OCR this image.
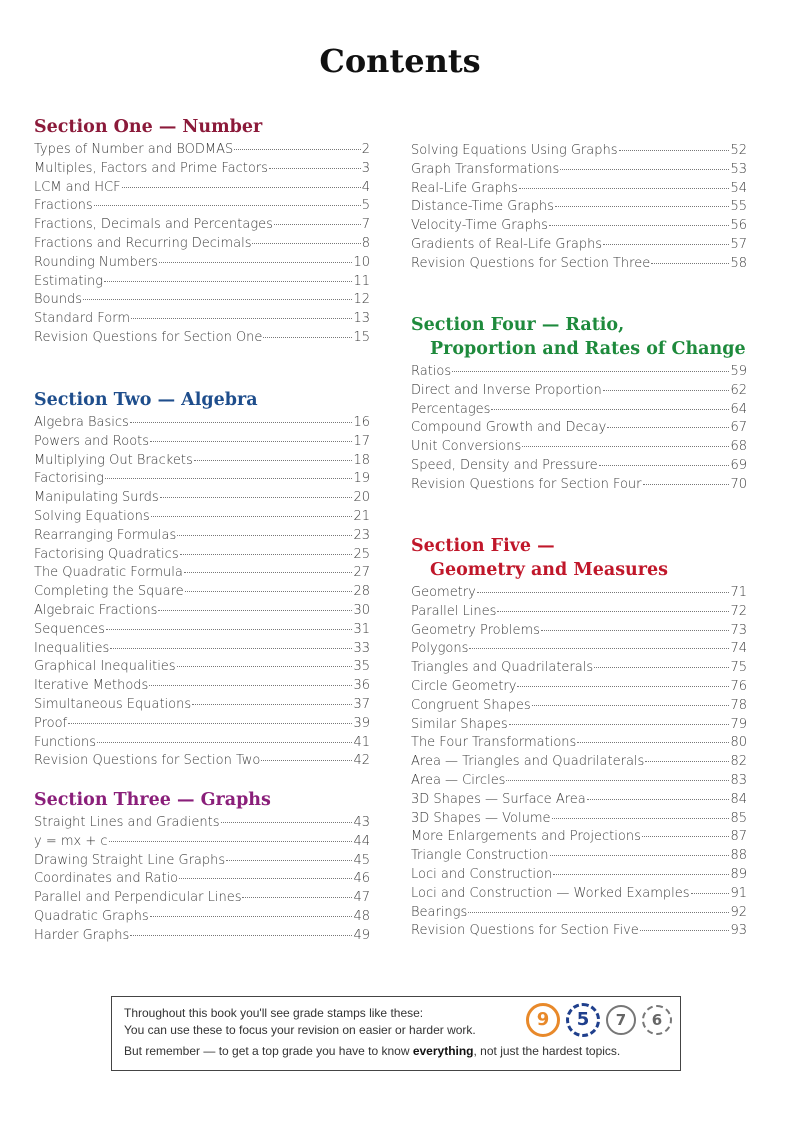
Contents
Section One — Number
Types of Number and BODMAS	2
Multiples, Factors and Prime Factors	3
LCM and HCF	4
Fractions	5
Fractions, Decimals and Percentages	7
Fractions and Recurring Decimals	8
Rounding Numbers	10
Estimating	11
Bounds	12
Standard Form	13
Revision Questions for Section One	15
Section Two — Algebra
Algebra Basics	16
Powers and Roots	17
Multiplying Out Brackets	18
Factorising	19
Manipulating Surds	20
Solving Equations	21
Rearranging Formulas	23
Factorising Quadratics	25
The Quadratic Formula	27
Completing the Square	28
Algebraic Fractions	30
Sequences	31
Inequalities	33
Graphical Inequalities	35
Iterative Methods	36
Simultaneous Equations	37
Proof	39
Functions	41
Revision Questions for Section Two	42
Section Three — Graphs
Straight Lines and Gradients	43
y = mx + c	44
Drawing Straight Line Graphs	45
Coordinates and Ratio	46
Parallel and Perpendicular Lines	47
Quadratic Graphs	48
Harder Graphs	49
Solving Equations Using Graphs	52
Graph Transformations	53
Real-Life Graphs	54
Distance-Time Graphs	55
Velocity-Time Graphs	56
Gradients of Real-Life Graphs	57
Revision Questions for Section Three	58
Section Four — Ratio,
Proportion and Rates of Change
Ratios	59
Direct and Inverse Proportion	62
Percentages	64
Compound Growth and Decay	67
Unit Conversions	68
Speed, Density and Pressure	69
Revision Questions for Section Four	70
Section Five —
Geometry and Measures
Geometry	71
Parallel Lines	72
Geometry Problems	73
Polygons	74
Triangles and Quadrilaterals	75
Circle Geometry	76
Congruent Shapes	78
Similar Shapes	79
The Four Transformations	80
Area — Triangles and Quadrilaterals	82
Area — Circles	83
3D Shapes — Surface Area	84
3D Shapes — Volume	85
More Enlargements and Projections	87
Triangle Construction	88
Loci and Construction	89
Loci and Construction — Worked Examples	91
Bearings	92
Revision Questions for Section Five	93
Throughout this book you'll see grade stamps like these:
You can use these to focus your revision on easier or harder work.
But remember — to get a top grade you have to know everything, not just the hardest topics.
9	5	7	6
